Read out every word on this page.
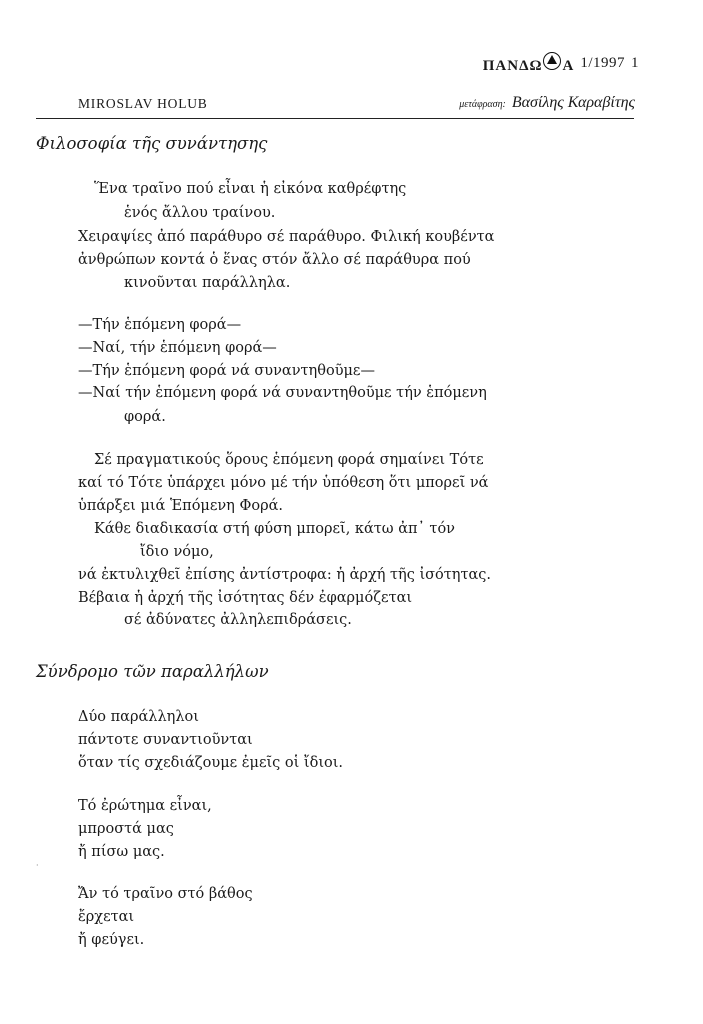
ΠΑΝΔΩ Α 1/1997 1
MIROSLAV HOLUB	μετάφραση: Βασίλης Καραβίτης
Φιλοσοφία τῆς συνάντησης
Ἕνα τραῖνο πού εἶναι ἡ εἰκόνα καθρέφτης
ἑνός ἄλλου τραίνου.
Χειραψίες ἀπό παράθυρο σέ παράθυρο. Φιλική κουβέντα
ἀνθρώπων κοντά ὁ ἕνας στόν ἄλλο σέ παράθυρα πού
κινοῦνται παράλληλα.
—Τήν ἑπόμενη φορά—
—Ναί, τήν ἑπόμενη φορά—
—Τήν ἑπόμενη φορά νά συναντηθοῦμε—
—Ναί τήν ἑπόμενη φορά νά συναντηθοῦμε τήν ἑπόμενη
φορά.
Σέ πραγματικούς ὅρους ἑπόμενη φορά σημαίνει Τότε
καί τό Τότε ὑπάρχει μόνο μέ τήν ὑπόθεση ὅτι μπορεῖ νά
ὑπάρξει μιά Ἑπόμενη Φορά.
Κάθε διαδικασία στή φύση μπορεῖ, κάτω ἀπ᾽ τόν
ἴδιο νόμο,
νά ἐκτυλιχθεῖ ἐπίσης ἀντίστροφα: ἡ ἀρχή τῆς ἰσότητας.
Βέβαια ἡ ἀρχή τῆς ἰσότητας δέν ἐφαρμόζεται
σέ ἀδύνατες ἀλληλεπιδράσεις.
Σύνδρομο τῶν παραλλήλων
Δύο παράλληλοι
πάντοτε συναντιοῦνται
ὅταν τίς σχεδιάζουμε ἐμεῖς οἱ ἴδιοι.
Τό ἐρώτημα εἶναι,
μπροστά μας
ἤ πίσω μας.
Ἄν τό τραῖνο στό βάθος
ἔρχεται
ἤ φεύγει.
·
